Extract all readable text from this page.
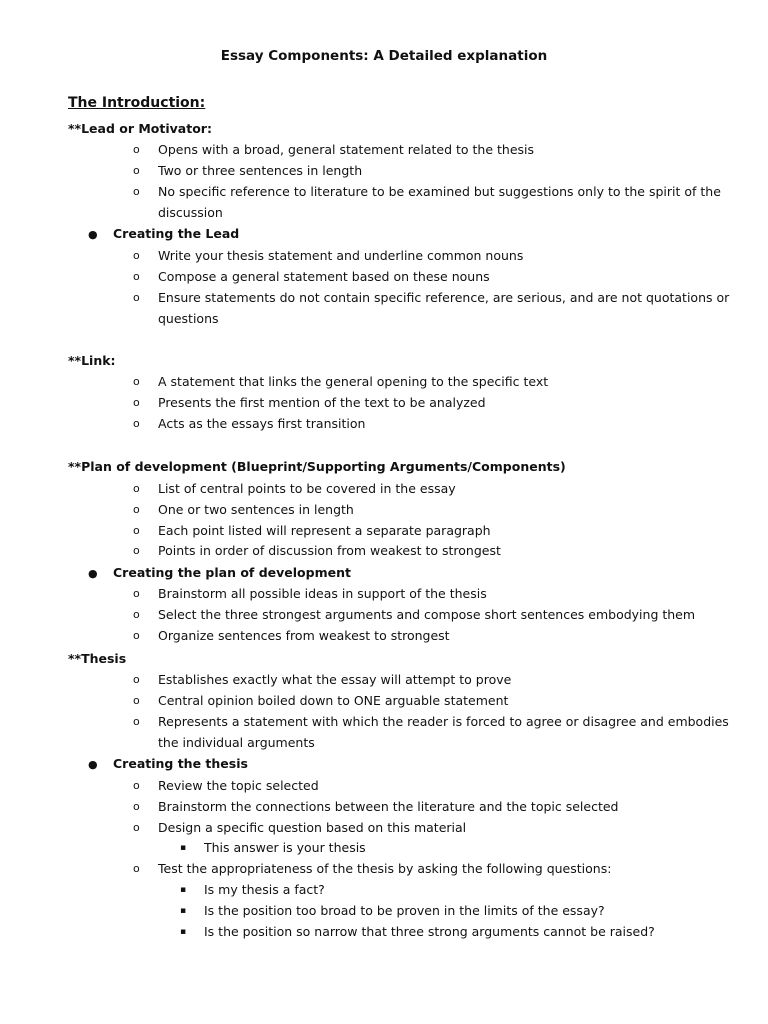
Essay Components: A Detailed explanation
The Introduction:
**Lead or Motivator:
o Opens with a broad, general statement related to the thesis
o Two or three sentences in length
o No specific reference to literature to be examined but suggestions only to the spirit of the
discussion
● Creating the Lead
o Write your thesis statement and underline common nouns
o Compose a general statement based on these nouns
o Ensure statements do not contain specific reference, are serious, and are not quotations or
questions
**Link:
o A statement that links the general opening to the specific text
o Presents the first mention of the text to be analyzed
o Acts as the essays first transition
**Plan of development (Blueprint/Supporting Arguments/Components)
o List of central points to be covered in the essay
o One or two sentences in length
o Each point listed will represent a separate paragraph
o Points in order of discussion from weakest to strongest
● Creating the plan of development
o Brainstorm all possible ideas in support of the thesis
o Select the three strongest arguments and compose short sentences embodying them
o Organize sentences from weakest to strongest
**Thesis
o Establishes exactly what the essay will attempt to prove
o Central opinion boiled down to ONE arguable statement
o Represents a statement with which the reader is forced to agree or disagree and embodies
the individual arguments
● Creating the thesis
o Review the topic selected
o Brainstorm the connections between the literature and the topic selected
o Design a specific question based on this material
▪ This answer is your thesis
o Test the appropriateness of the thesis by asking the following questions:
▪ Is my thesis a fact?
▪ Is the position too broad to be proven in the limits of the essay?
▪ Is the position so narrow that three strong arguments cannot be raised?
